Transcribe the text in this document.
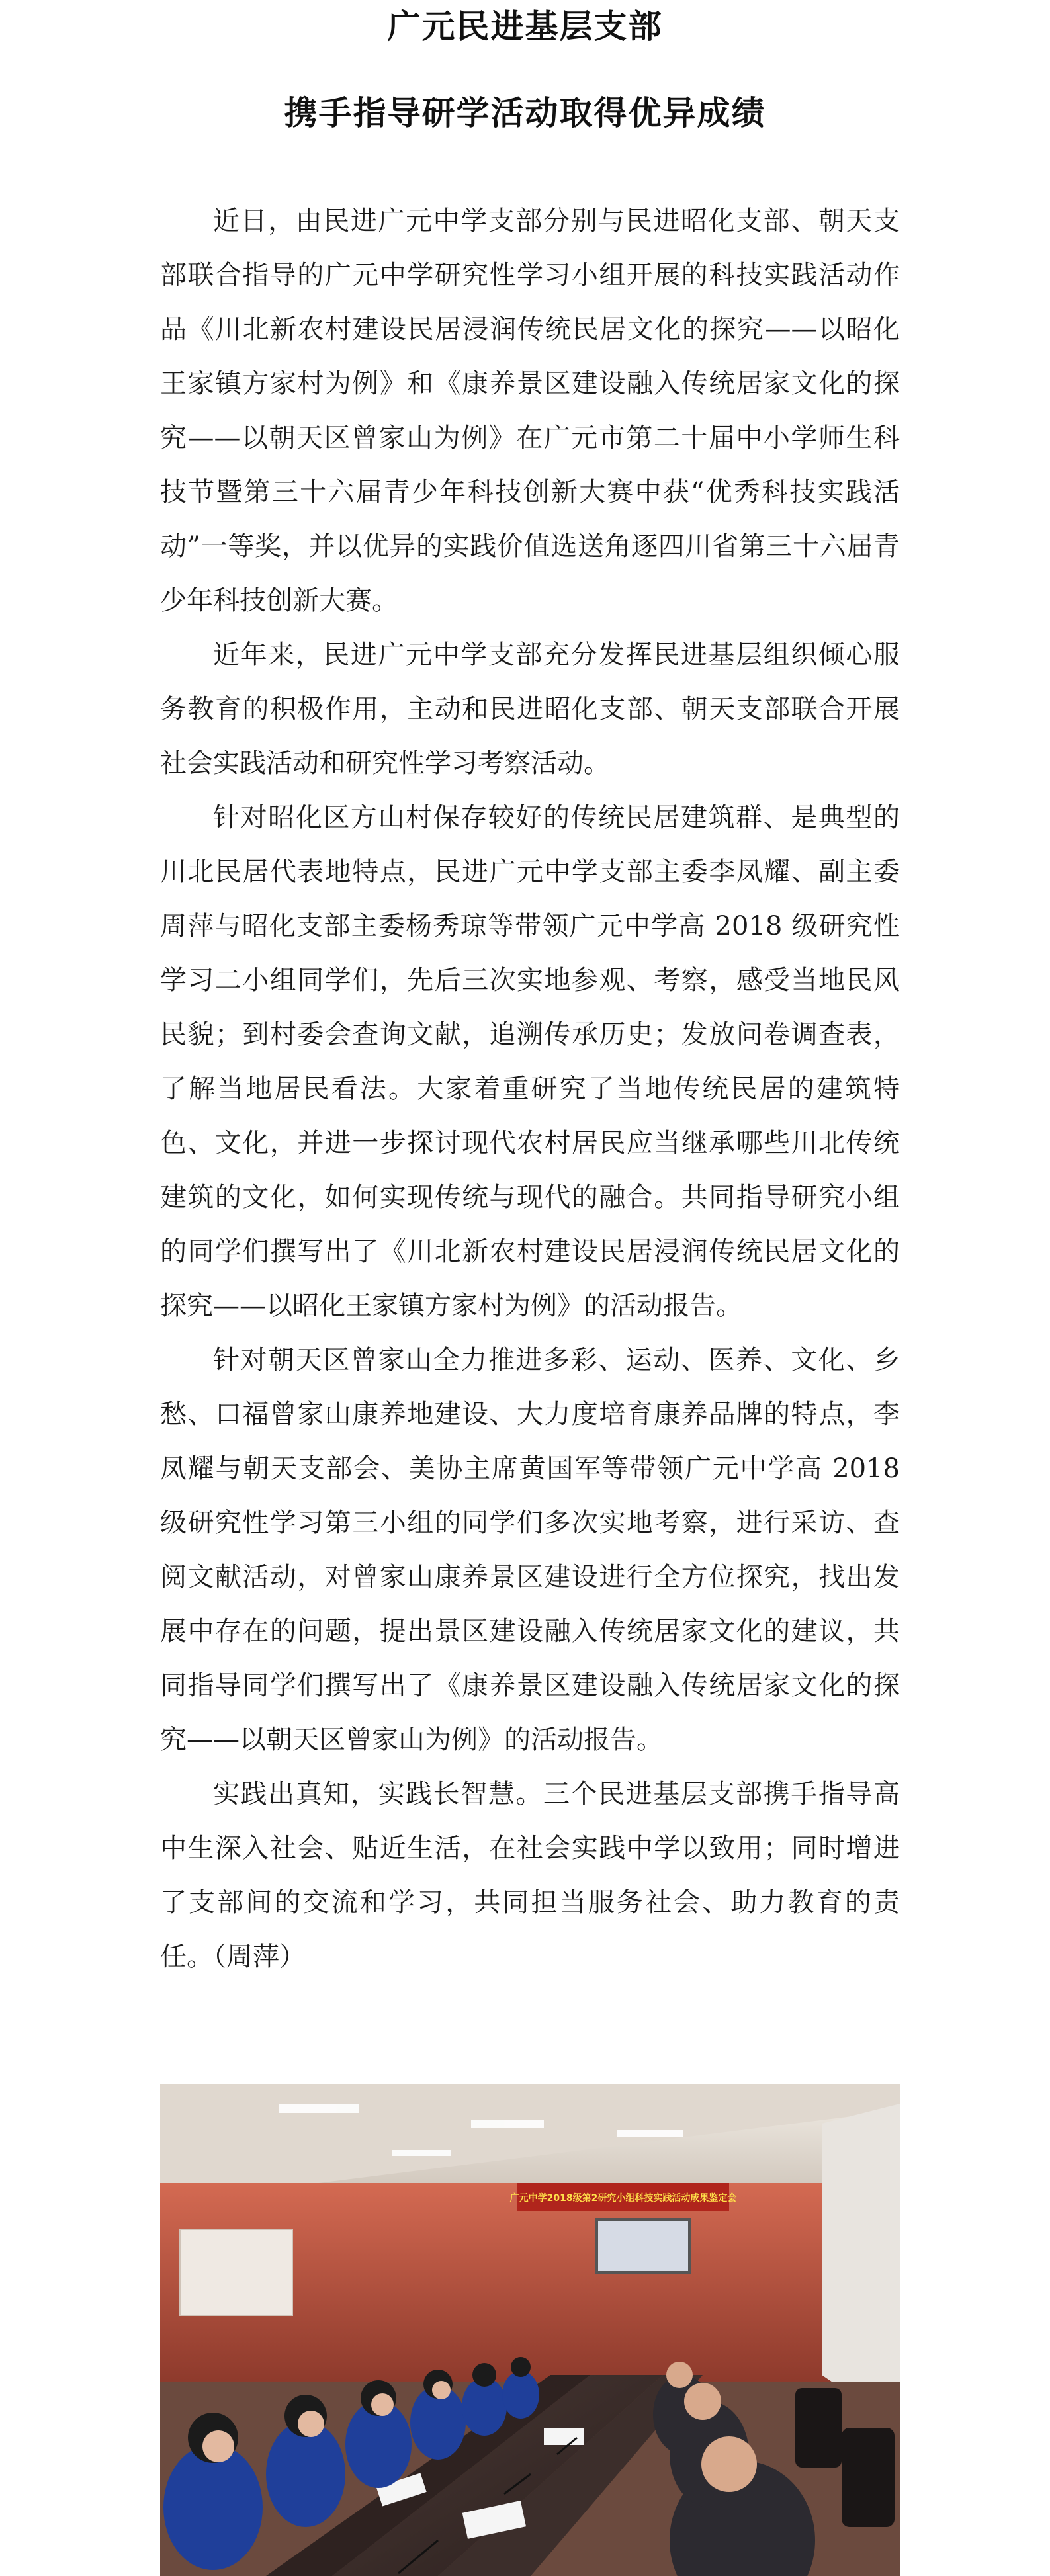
广元民进基层支部
携手指导研学活动取得优异成绩

近日，由民进广元中学支部分别与民进昭化支部、朝天支部联合指导的广元中学研究性学习小组开展的科技实践活动作品《川北新农村建设民居浸润传统民居文化的探究——以昭化王家镇方家村为例》和《康养景区建设融入传统居家文化的探究——以朝天区曾家山为例》在广元市第二十届中小学师生科技节暨第三十六届青少年科技创新大赛中获“优秀科技实践活动”一等奖，并以优异的实践价值选送角逐四川省第三十六届青少年科技创新大赛。

近年来，民进广元中学支部充分发挥民进基层组织倾心服务教育的积极作用，主动和民进昭化支部、朝天支部联合开展社会实践活动和研究性学习考察活动。

针对昭化区方山村保存较好的传统民居建筑群、是典型的川北民居代表地特点，民进广元中学支部主委李凤耀、副主委周萍与昭化支部主委杨秀琼等带领广元中学高 2018 级研究性学习二小组同学们，先后三次实地参观、考察，感受当地民风民貌；到村委会查询文献，追溯传承历史；发放问卷调查表，了解当地居民看法。大家着重研究了当地传统民居的建筑特色、文化，并进一步探讨现代农村居民应当继承哪些川北传统建筑的文化，如何实现传统与现代的融合。共同指导研究小组的同学们撰写出了《川北新农村建设民居浸润传统民居文化的探究——以昭化王家镇方家村为例》的活动报告。

针对朝天区曾家山全力推进多彩、运动、医养、文化、乡愁、口福曾家山康养地建设、大力度培育康养品牌的特点，李凤耀与朝天支部会、美协主席黄国军等带领广元中学高 2018 级研究性学习第三小组的同学们多次实地考察，进行采访、查阅文献活动，对曾家山康养景区建设进行全方位探究，找出发展中存在的问题，提出景区建设融入传统居家文化的建议，共同指导同学们撰写出了《康养景区建设融入传统居家文化的探究——以朝天区曾家山为例》的活动报告。

实践出真知，实践长智慧。三个民进基层支部携手指导高中生深入社会、贴近生活，在社会实践中学以致用；同时增进了支部间的交流和学习，共同担当服务社会、助力教育的责任。（周萍）

广元中学2018级第2研究小组科技实践活动成果鉴定会
